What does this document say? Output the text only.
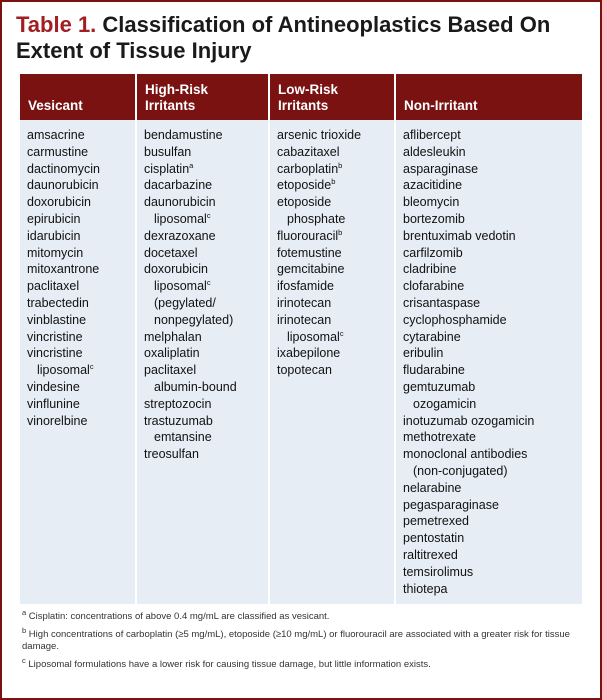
Table 1. Classification of Antineoplastics Based On Extent of Tissue Injury
Vesicant
High-Risk
Irritants
Low-Risk
Irritants	Non-Irritant
amsacrine
carmustine
dactinomycin
daunorubicin
doxorubicin
epirubicin
idarubicin
mitomycin
mitoxantrone
paclitaxel
trabectedin
vinblastine
vincristine
vincristine
liposomal$^c$
vindesine
vinflunine
vinorelbine
bendamustine
busulfan
cisplatin$^a$
dacarbazine
daunorubicin
liposomal$^c$
dexrazoxane
docetaxel
doxorubicin
liposomal$^c$
(pegylated/
nonpegylated)
melphalan
oxaliplatin
paclitaxel
albumin-bound
streptozocin
trastuzumab
emtansine
treosulfan
arsenic trioxide
cabazitaxel
carboplatin$^b$
etoposide$^b$
etoposide
phosphate
fluorouracil$^b$
fotemustine
gemcitabine
ifosfamide
irinotecan
irinotecan
liposomal$^c$
ixabepilone
topotecan
aflibercept
aldesleukin
asparaginase
azacitidine
bleomycin
bortezomib
brentuximab vedotin
carfilzomib
cladribine
clofarabine
crisantaspase
cyclophosphamide
cytarabine
eribulin
fludarabine
gemtuzumab
ozogamicin
inotuzumab ozogamicin
methotrexate
monoclonal antibodies
(non-conjugated)
nelarabine
pegasparaginase
pemetrexed
pentostatin
raltitrexed
temsirolimus
thiotepa
$^a$ Cisplatin: concentrations of above 0.4 mg/mL are classified as vesicant.
$^b$ High concentrations of carboplatin (≥5 mg/mL), etoposide (≥10 mg/mL) or fluorouracil are associated with a greater risk for tissue damage.
$^c$ Liposomal formulations have a lower risk for causing tissue damage, but little information exists.
